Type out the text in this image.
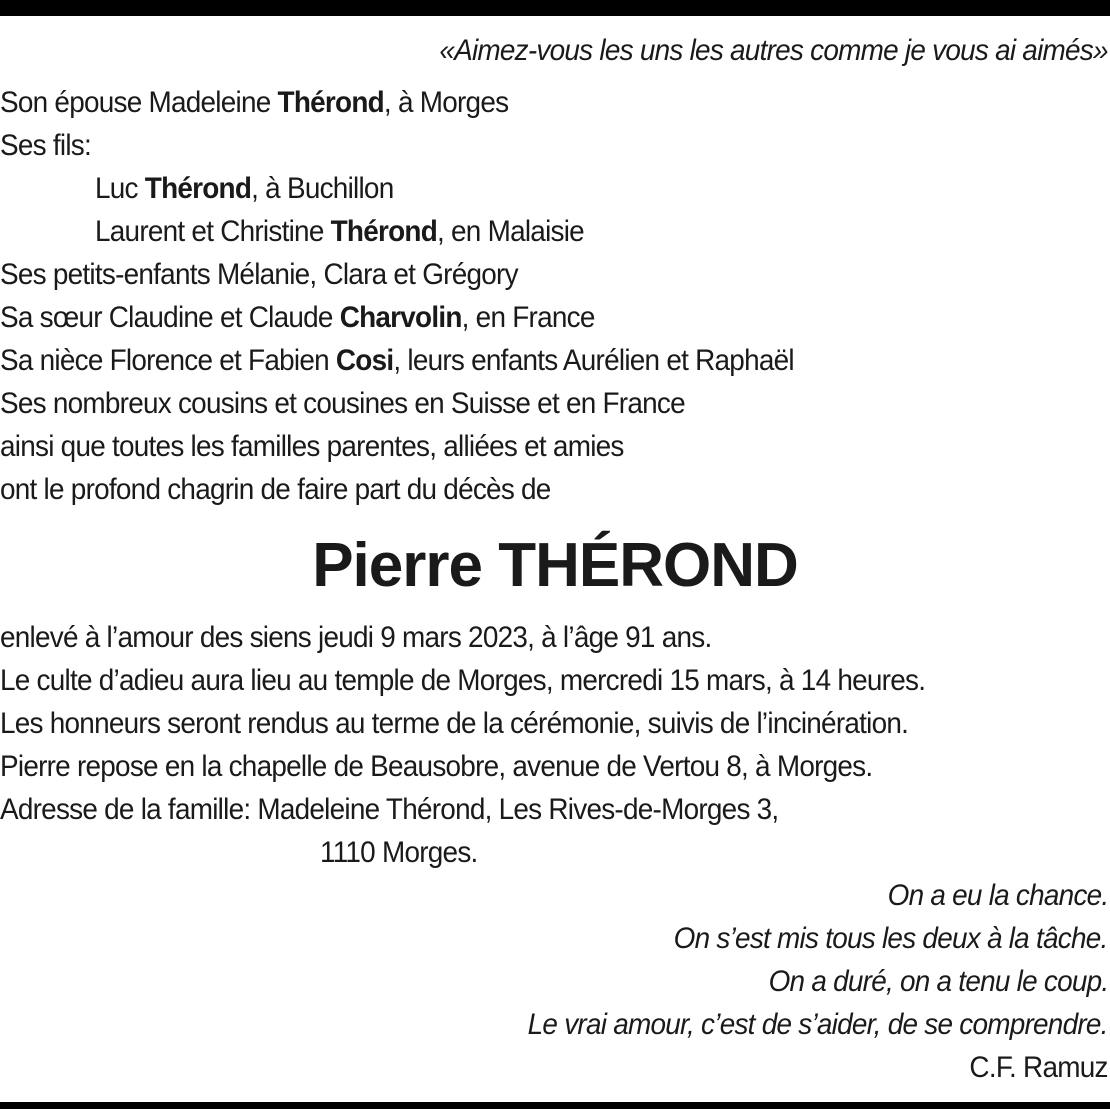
«Aimez-vous les uns les autres comme je vous ai aimés»
Son épouse Madeleine Thérond, à Morges
Ses fils:
Luc Thérond, à Buchillon
Laurent et Christine Thérond, en Malaisie
Ses petits-enfants Mélanie, Clara et Grégory
Sa sœur Claudine et Claude Charvolin, en France
Sa nièce Florence et Fabien Cosi, leurs enfants Aurélien et Raphaël
Ses nombreux cousins et cousines en Suisse et en France
ainsi que toutes les familles parentes, alliées et amies
ont le profond chagrin de faire part du décès de
Pierre THÉROND
enlevé à l’amour des siens jeudi 9 mars 2023, à l’âge 91 ans.
Le culte d’adieu aura lieu au temple de Morges, mercredi 15 mars, à 14 heures.
Les honneurs seront rendus au terme de la cérémonie, suivis de l’incinération.
Pierre repose en la chapelle de Beausobre, avenue de Vertou 8, à Morges.
Adresse de la famille: Madeleine Thérond, Les Rives-de-Morges 3,
1110 Morges.
On a eu la chance.
On s’est mis tous les deux à la tâche.
On a duré, on a tenu le coup.
Le vrai amour, c’est de s’aider, de se comprendre.
C.F. Ramuz
